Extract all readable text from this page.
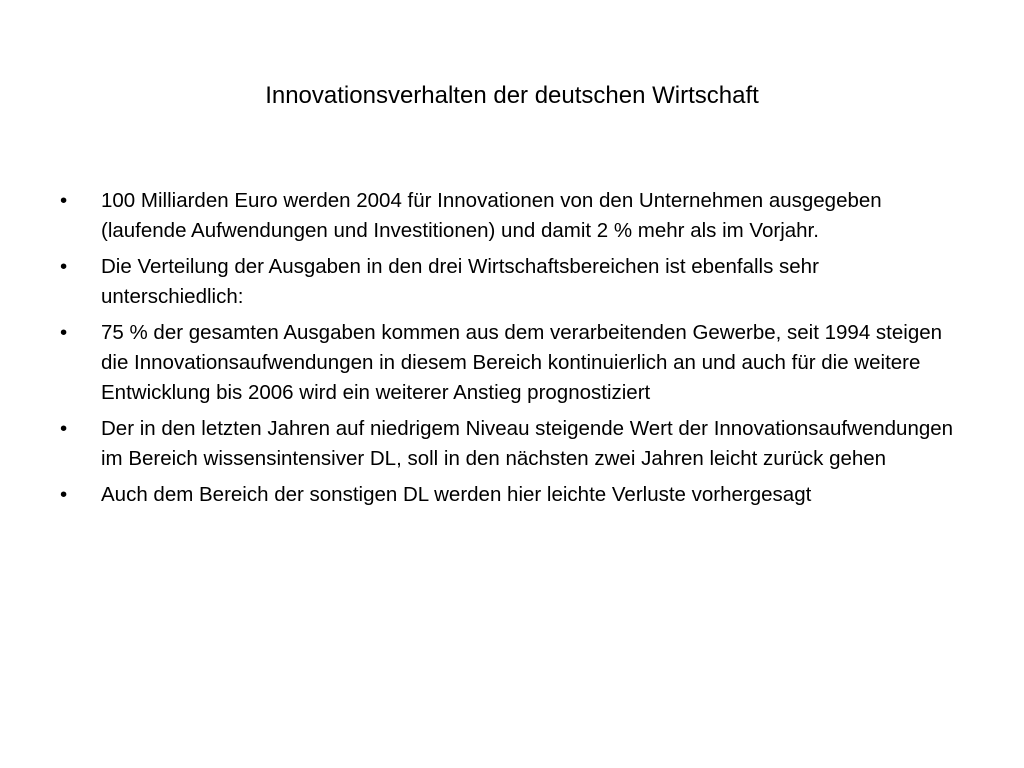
Innovationsverhalten der deutschen Wirtschaft
•	100 Milliarden Euro werden 2004 für Innovationen von den Unternehmen ausgegeben (laufende Aufwendungen und Investitionen) und damit 2 % mehr als im Vorjahr.
•	Die Verteilung der Ausgaben in den drei Wirtschaftsbereichen ist ebenfalls sehr unterschiedlich:
•	75 % der gesamten Ausgaben kommen aus dem verarbeitenden Gewerbe, seit 1994 steigen die Innovationsaufwendungen in diesem Bereich kontinuierlich an und auch für die weitere Entwicklung bis 2006 wird ein weiterer Anstieg prognostiziert
•	Der in den letzten Jahren auf niedrigem Niveau steigende Wert der Innovationsaufwendungen im Bereich wissensintensiver DL, soll in den nächsten zwei Jahren leicht zurück gehen
•	Auch dem Bereich der sonstigen DL werden hier leichte Verluste vorhergesagt
